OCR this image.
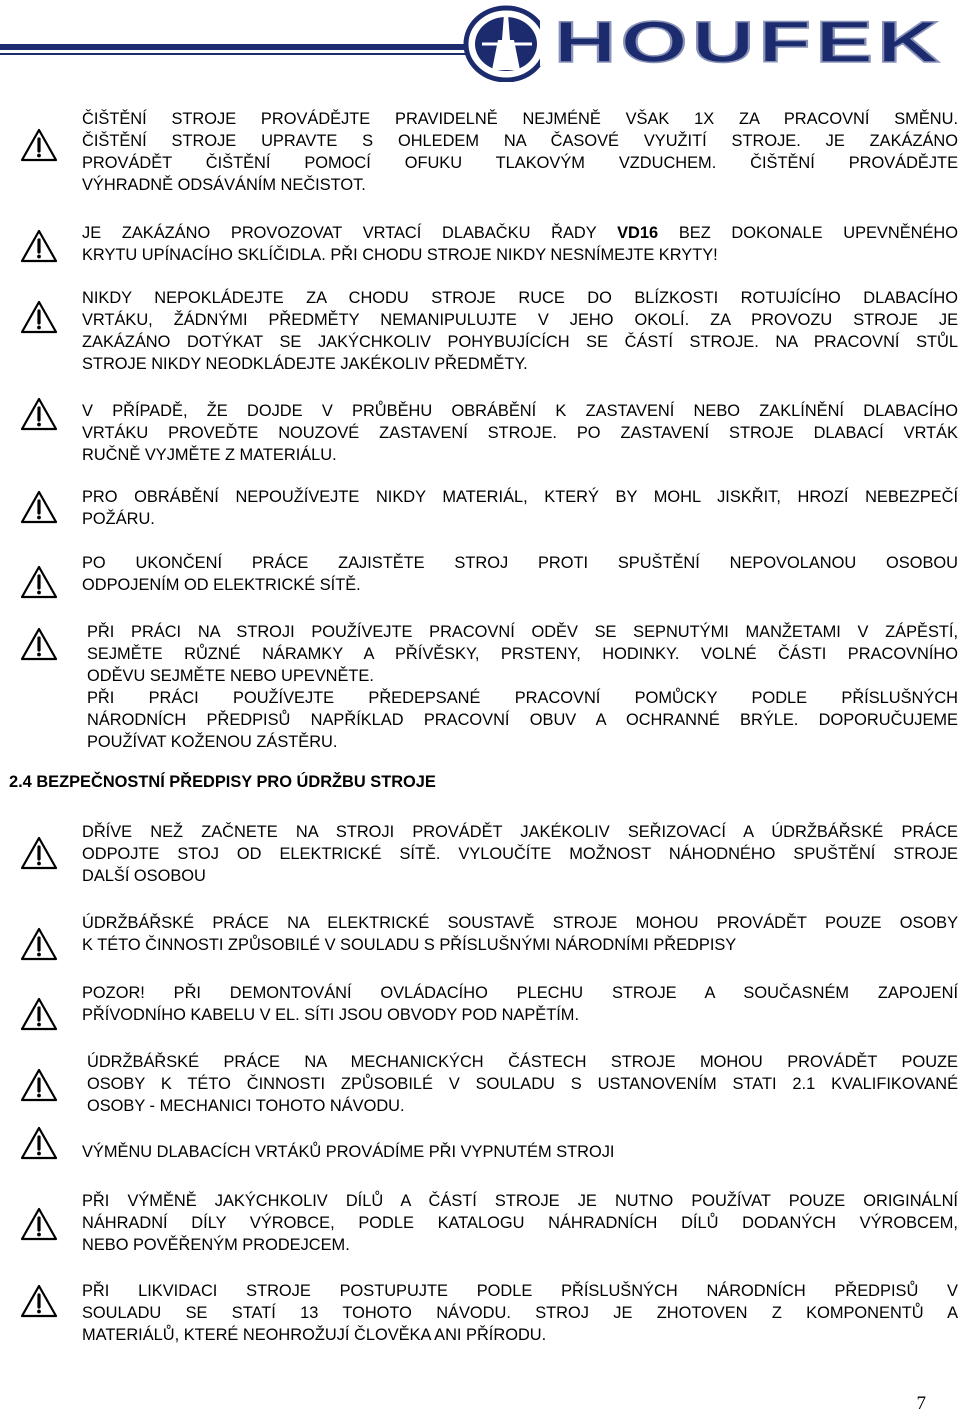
HOUFEK
ČIŠTĚNÍ STROJE PROVÁDĚJTE PRAVIDELNĚ NEJMÉNĚ VŠAK 1X ZA PRACOVNÍ SMĚNU.
ČIŠTĚNÍ STROJE UPRAVTE S OHLEDEM NA ČASOVÉ VYUŽITÍ STROJE. JE ZAKÁZÁNO
PROVÁDĚT ČIŠTĚNÍ POMOCÍ OFUKU TLAKOVÝM VZDUCHEM. ČIŠTĚNÍ PROVÁDĚJTE
VÝHRADNĚ ODSÁVÁNÍM NEČISTOT.
JE ZAKÁZÁNO PROVOZOVAT VRTACÍ DLABAČKU ŘADY VD16 BEZ DOKONALE UPEVNĚNÉHO
KRYTU UPÍNACÍHO SKLÍČIDLA. PŘI CHODU STROJE NIKDY NESNÍMEJTE KRYTY!
NIKDY NEPOKLÁDEJTE ZA CHODU STROJE RUCE DO BLÍZKOSTI ROTUJÍCÍHO DLABACÍHO
VRTÁKU, ŽÁDNÝMI PŘEDMĚTY NEMANIPULUJTE V JEHO OKOLÍ. ZA PROVOZU STROJE JE
ZAKÁZÁNO DOTÝKAT SE JAKÝCHKOLIV POHYBUJÍCÍCH SE ČÁSTÍ STROJE. NA PRACOVNÍ STŮL
STROJE NIKDY NEODKLÁDEJTE JAKÉKOLIV PŘEDMĚTY.
V PŘÍPADĚ, ŽE DOJDE V PRŮBĚHU OBRÁBĚNÍ K ZASTAVENÍ NEBO ZAKLÍNĚNÍ DLABACÍHO
VRTÁKU PROVEĎTE NOUZOVÉ ZASTAVENÍ STROJE. PO ZASTAVENÍ STROJE DLABACÍ VRTÁK
RUČNĚ VYJMĚTE Z MATERIÁLU.
PRO OBRÁBĚNÍ NEPOUŽÍVEJTE NIKDY MATERIÁL, KTERÝ BY MOHL JISKŘIT, HROZÍ NEBEZPEČÍ
POŽÁRU.
PO UKONČENÍ PRÁCE ZAJISTĚTE STROJ PROTI SPUŠTĚNÍ NEPOVOLANOU OSOBOU
ODPOJENÍM OD ELEKTRICKÉ SÍTĚ.
PŘI PRÁCI NA STROJI POUŽÍVEJTE PRACOVNÍ ODĚV SE SEPNUTÝMI MANŽETAMI V ZÁPĚSTÍ,
SEJMĚTE RŮZNÉ NÁRAMKY A PŘÍVĚSKY, PRSTENY, HODINKY. VOLNÉ ČÁSTI PRACOVNÍHO
ODĚVU SEJMĚTE NEBO UPEVNĚTE.
PŘI PRÁCI POUŽÍVEJTE PŘEDEPSANÉ PRACOVNÍ POMŮCKY PODLE PŘÍSLUŠNÝCH
NÁRODNÍCH PŘEDPISŮ NAPŘÍKLAD PRACOVNÍ OBUV A OCHRANNÉ BRÝLE. DOPORUČUJEME
POUŽÍVAT KOŽENOU ZÁSTĚRU.
DŘÍVE NEŽ ZAČNETE NA STROJI PROVÁDĚT JAKÉKOLIV SEŘIZOVACÍ A ÚDRŽBÁŘSKÉ PRÁCE
ODPOJTE STOJ OD ELEKTRICKÉ SÍTĚ. VYLOUČÍTE MOŽNOST NÁHODNÉHO SPUŠTĚNÍ STROJE
DALŠÍ OSOBOU
ÚDRŽBÁŘSKÉ PRÁCE NA ELEKTRICKÉ SOUSTAVĚ STROJE MOHOU PROVÁDĚT POUZE OSOBY
K TÉTO ČINNOSTI ZPŮSOBILÉ V SOULADU S PŘÍSLUŠNÝMI NÁRODNÍMI PŘEDPISY
POZOR! PŘI DEMONTOVÁNÍ OVLÁDACÍHO PLECHU STROJE A SOUČASNÉM ZAPOJENÍ
PŘÍVODNÍHO KABELU V EL. SÍTI JSOU OBVODY POD NAPĚTÍM.
ÚDRŽBÁŘSKÉ PRÁCE NA MECHANICKÝCH ČÁSTECH STROJE MOHOU PROVÁDĚT POUZE
OSOBY K TÉTO ČINNOSTI ZPŮSOBILÉ V SOULADU S USTANOVENÍM STATI 2.1 KVALIFIKOVANÉ
OSOBY - MECHANICI TOHOTO NÁVODU.
VÝMĚNU DLABACÍCH VRTÁKŮ PROVÁDÍME PŘI VYPNUTÉM STROJI
PŘI VÝMĚNĚ JAKÝCHKOLIV DÍLŮ A ČÁSTÍ STROJE JE NUTNO POUŽÍVAT POUZE ORIGINÁLNÍ
NÁHRADNÍ DÍLY VÝROBCE, PODLE KATALOGU NÁHRADNÍCH DÍLŮ DODANÝCH VÝROBCEM,
NEBO POVĚŘENÝM PRODEJCEM.
PŘI LIKVIDACI STROJE POSTUPUJTE PODLE PŘÍSLUŠNÝCH NÁRODNÍCH PŘEDPISŮ V
SOULADU SE STATÍ 13 TOHOTO NÁVODU. STROJ JE ZHOTOVEN Z KOMPONENTŮ A
MATERIÁLŮ, KTERÉ NEOHROŽUJÍ ČLOVĚKA ANI PŘÍRODU.
2.4 BEZPEČNOSTNÍ PŘEDPISY PRO ÚDRŽBU STROJE
7
